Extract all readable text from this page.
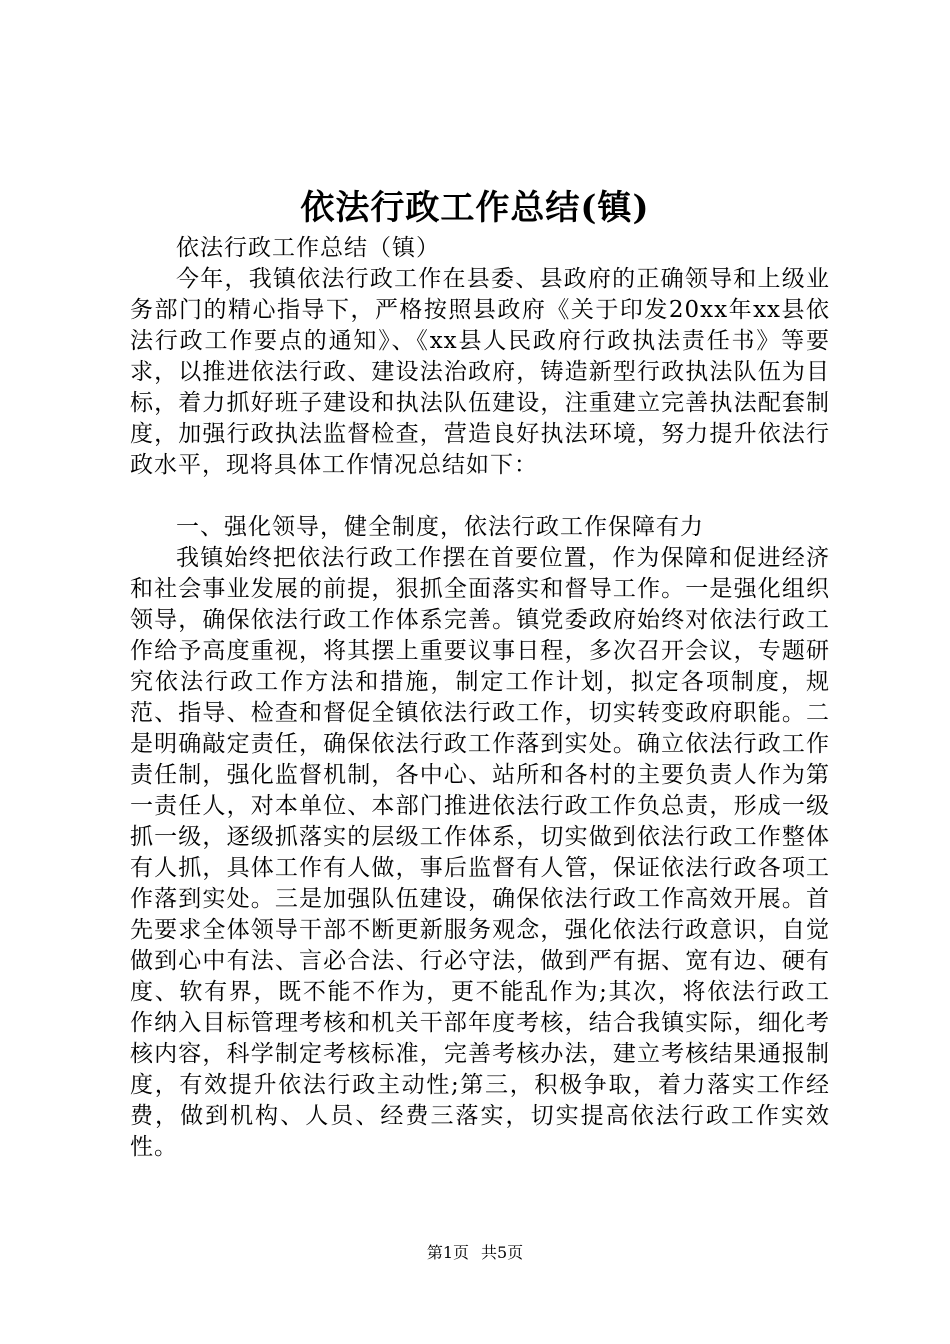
依法行政工作总结(镇)

依法行政工作总结（镇）

今年，我镇依法行政工作在县委、县政府的正确领导和上级业务部门的精心指导下，严格按照县政府《关于印发20xx年xx县依法行政工作要点的通知》、《xx县人民政府行政执法责任书》等要求，以推进依法行政、建设法治政府，铸造新型行政执法队伍为目标，着力抓好班子建设和执法队伍建设，注重建立完善执法配套制度，加强行政执法监督检查，营造良好执法环境，努力提升依法行政水平，现将具体工作情况总结如下：

一、强化领导，健全制度，依法行政工作保障有力

我镇始终把依法行政工作摆在首要位置，作为保障和促进经济和社会事业发展的前提，狠抓全面落实和督导工作。一是强化组织领导，确保依法行政工作体系完善。镇党委政府始终对依法行政工作给予高度重视，将其摆上重要议事日程，多次召开会议，专题研究依法行政工作方法和措施，制定工作计划，拟定各项制度，规范、指导、检查和督促全镇依法行政工作，切实转变政府职能。二是明确敲定责任，确保依法行政工作落到实处。确立依法行政工作责任制，强化监督机制，各中心、站所和各村的主要负责人作为第一责任人，对本单位、本部门推进依法行政工作负总责，形成一级抓一级，逐级抓落实的层级工作体系，切实做到依法行政工作整体有人抓，具体工作有人做，事后监督有人管，保证依法行政各项工作落到实处。三是加强队伍建设，确保依法行政工作高效开展。首先要求全体领导干部不断更新服务观念，强化依法行政意识，自觉做到心中有法、言必合法、行必守法，做到严有据、宽有边、硬有度、软有界，既不能不作为，更不能乱作为;其次，将依法行政工作纳入目标管理考核和机关干部年度考核，结合我镇实际，细化考核内容，科学制定考核标准，完善考核办法，建立考核结果通报制度，有效提升依法行政主动性;第三，积极争取，着力落实工作经费，做到机构、人员、经费三落实，切实提高依法行政工作实效性。

第1页 共5页
